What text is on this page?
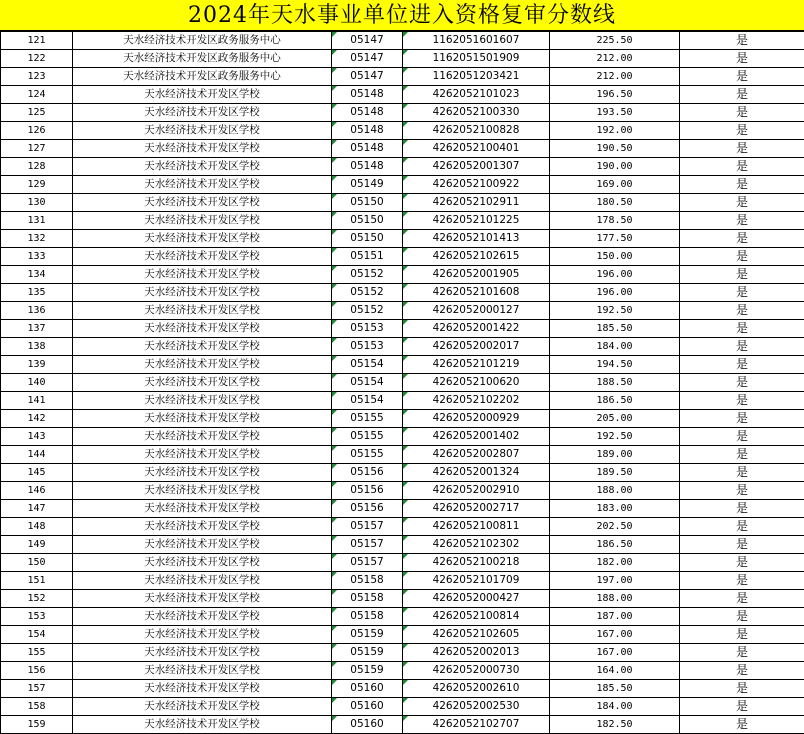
2024年天水事业单位进入资格复审分数线
121	天水经济技术开发区政务服务中心	05147	1162051601607	225.50	是
122	天水经济技术开发区政务服务中心	05147	1162051501909	212.00	是
123	天水经济技术开发区政务服务中心	05147	1162051203421	212.00	是
124	天水经济技术开发区学校	05148	4262052101023	196.50	是
125	天水经济技术开发区学校	05148	4262052100330	193.50	是
126	天水经济技术开发区学校	05148	4262052100828	192.00	是
127	天水经济技术开发区学校	05148	4262052100401	190.50	是
128	天水经济技术开发区学校	05148	4262052001307	190.00	是
129	天水经济技术开发区学校	05149	4262052100922	169.00	是
130	天水经济技术开发区学校	05150	4262052102911	180.50	是
131	天水经济技术开发区学校	05150	4262052101225	178.50	是
132	天水经济技术开发区学校	05150	4262052101413	177.50	是
133	天水经济技术开发区学校	05151	4262052102615	150.00	是
134	天水经济技术开发区学校	05152	4262052001905	196.00	是
135	天水经济技术开发区学校	05152	4262052101608	196.00	是
136	天水经济技术开发区学校	05152	4262052000127	192.50	是
137	天水经济技术开发区学校	05153	4262052001422	185.50	是
138	天水经济技术开发区学校	05153	4262052002017	184.00	是
139	天水经济技术开发区学校	05154	4262052101219	194.50	是
140	天水经济技术开发区学校	05154	4262052100620	188.50	是
141	天水经济技术开发区学校	05154	4262052102202	186.50	是
142	天水经济技术开发区学校	05155	4262052000929	205.00	是
143	天水经济技术开发区学校	05155	4262052001402	192.50	是
144	天水经济技术开发区学校	05155	4262052002807	189.00	是
145	天水经济技术开发区学校	05156	4262052001324	189.50	是
146	天水经济技术开发区学校	05156	4262052002910	188.00	是
147	天水经济技术开发区学校	05156	4262052002717	183.00	是
148	天水经济技术开发区学校	05157	4262052100811	202.50	是
149	天水经济技术开发区学校	05157	4262052102302	186.50	是
150	天水经济技术开发区学校	05157	4262052100218	182.00	是
151	天水经济技术开发区学校	05158	4262052101709	197.00	是
152	天水经济技术开发区学校	05158	4262052000427	188.00	是
153	天水经济技术开发区学校	05158	4262052100814	187.00	是
154	天水经济技术开发区学校	05159	4262052102605	167.00	是
155	天水经济技术开发区学校	05159	4262052002013	167.00	是
156	天水经济技术开发区学校	05159	4262052000730	164.00	是
157	天水经济技术开发区学校	05160	4262052002610	185.50	是
158	天水经济技术开发区学校	05160	4262052002530	184.00	是
159	天水经济技术开发区学校	05160	4262052102707	182.50	是
